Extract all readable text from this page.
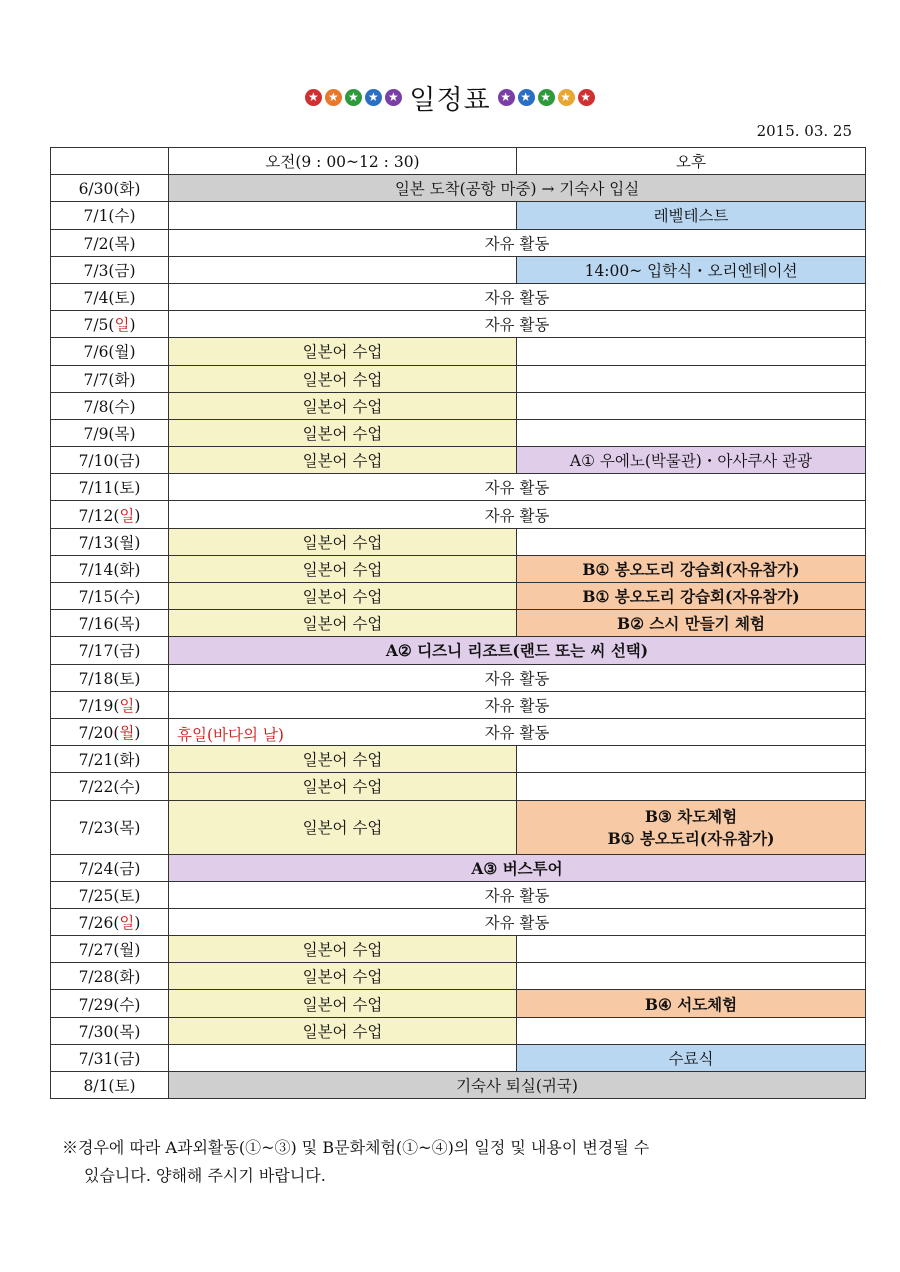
★
★
★
★
★
일정표
★
★
★
★
★
2015. 03. 25
	오전(9 : 00~12 : 30)	오후
6/30(화)	일본 도착(공항 마중) → 기숙사 입실	
7/1(수)		레벨테스트
7/2(목)	자유 활동	
7/3(금)		14:00~ 입학식・오리엔테이션
7/4(토)	자유 활동	
7/5(일)	자유 활동	
7/6(월)	일본어 수업	
7/7(화)	일본어 수업	
7/8(수)	일본어 수업	
7/9(목)	일본어 수업	
7/10(금)	일본어 수업	A① 우에노(박물관)・아사쿠사 관광
7/11(토)	자유 활동	
7/12(일)	자유 활동	
7/13(월)	일본어 수업	
7/14(화)	일본어 수업	B① 봉오도리 강습회(자유참가)
7/15(수)	일본어 수업	B① 봉오도리 강습회(자유참가)
7/16(목)	일본어 수업	B② 스시 만들기 체험
7/17(금)	A② 디즈니 리조트(랜드 또는 씨 선택)	
7/18(토)	자유 활동	
7/19(일)	자유 활동	
7/20(월)	휴일(바다의 날) 자유 활동	
7/21(화)	일본어 수업	
7/22(수)	일본어 수업	
7/23(목)	일본어 수업	B③ 차도체험
B① 봉오도리(자유참가)

7/24(금)	A③ 버스투어	
7/25(토)	자유 활동	
7/26(일)	자유 활동	
7/27(월)	일본어 수업	
7/28(화)	일본어 수업	
7/29(수)	일본어 수업	B④ 서도체험
7/30(목)	일본어 수업	
7/31(금)		수료식
8/1(토)	기숙사 퇴실(귀국)	
※경우에 따라 A과외활동(①~③) 및 B문화체험(①~④)의 일정 및 내용이 변경될 수
있습니다. 양해해 주시기 바랍니다.
